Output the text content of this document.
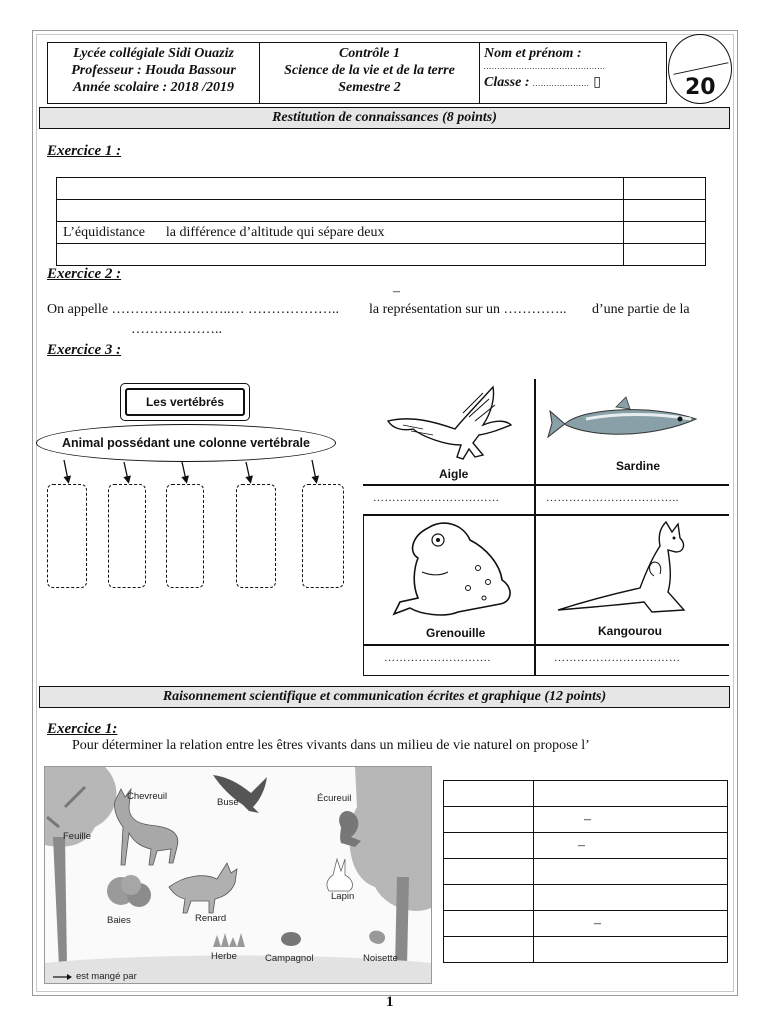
Lycée collégiale Sidi Ouaziz
Professeur : Houda Bassour
Année scolaire : 2018 /2019
Contrôle 1
Science de la vie et de la terre
Semestre 2
Nom et prénom :
………………………………………
Classe : ………………… ▯	20
Restitution de connaissances (8 points)
Exercice 1 :

L’équidistance      la différence d’altitude qui sépare deux	

Exercice 2 :
–
On appelle ……………………..… ……………….. la représentation sur un ………….. d’une partie de la
………………..
Exercice 3 :
Les vertébrés
Animal possédant une colonne vertébrale
Aigle
Sardine
……………………………	……………………………..
Grenouille	Kangourou
……………………….	……………………………
Raisonnement scientifique et communication écrites et graphique (12 points)
Exercice 1:
Pour déterminer la relation entre les êtres vivants dans un milieu de vie naturel on propose l’
Chevreuil
Buse	Écureuil
Feuille
Baies	Renard
Lapin
Herbe	Campagnol	Noisette
est mangé par

	–
	–

	–

1
